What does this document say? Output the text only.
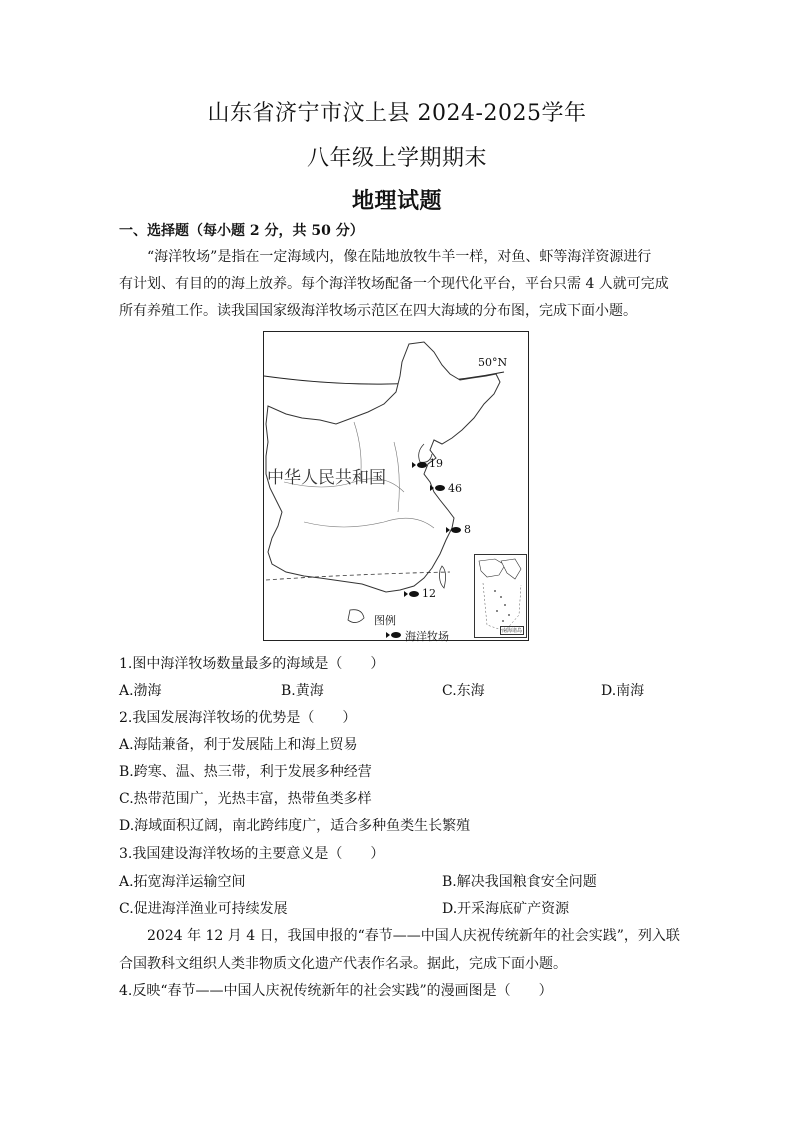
山东省济宁市汶上县 2024-2025学年
八年级上学期期末
地理试题
一、选择题（每小题 2 分，共 50 分）
“海洋牧场”是指在一定海域内，像在陆地放牧牛羊一样，对鱼、虾等海洋资源进行
有计划、有目的的海上放养。每个海洋牧场配备一个现代化平台，平台只需 4 人就可完成
所有养殖工作。读我国国家级海洋牧场示范区在四大海域的分布图，完成下面小题。
50°N
中华人民共和国
19
46
8
12
图例
海洋牧场	南海诸岛
1.图中海洋牧场数量最多的海域是（　　）
A.渤海	B.黄海	C.东海	D.南海
2.我国发展海洋牧场的优势是（　　）
A.海陆兼备，利于发展陆上和海上贸易
B.跨寒、温、热三带，利于发展多种经营
C.热带范围广，光热丰富，热带鱼类多样
D.海域面积辽阔，南北跨纬度广，适合多种鱼类生长繁殖
3.我国建设海洋牧场的主要意义是（　　）
A.拓宽海洋运输空间	B.解决我国粮食安全问题
C.促进海洋渔业可持续发展	D.开采海底矿产资源
2024 年 12 月 4 日，我国申报的“春节——中国人庆祝传统新年的社会实践”，列入联
合国教科文组织人类非物质文化遗产代表作名录。据此，完成下面小题。
4.反映“春节——中国人庆祝传统新年的社会实践”的漫画图是（　　）
